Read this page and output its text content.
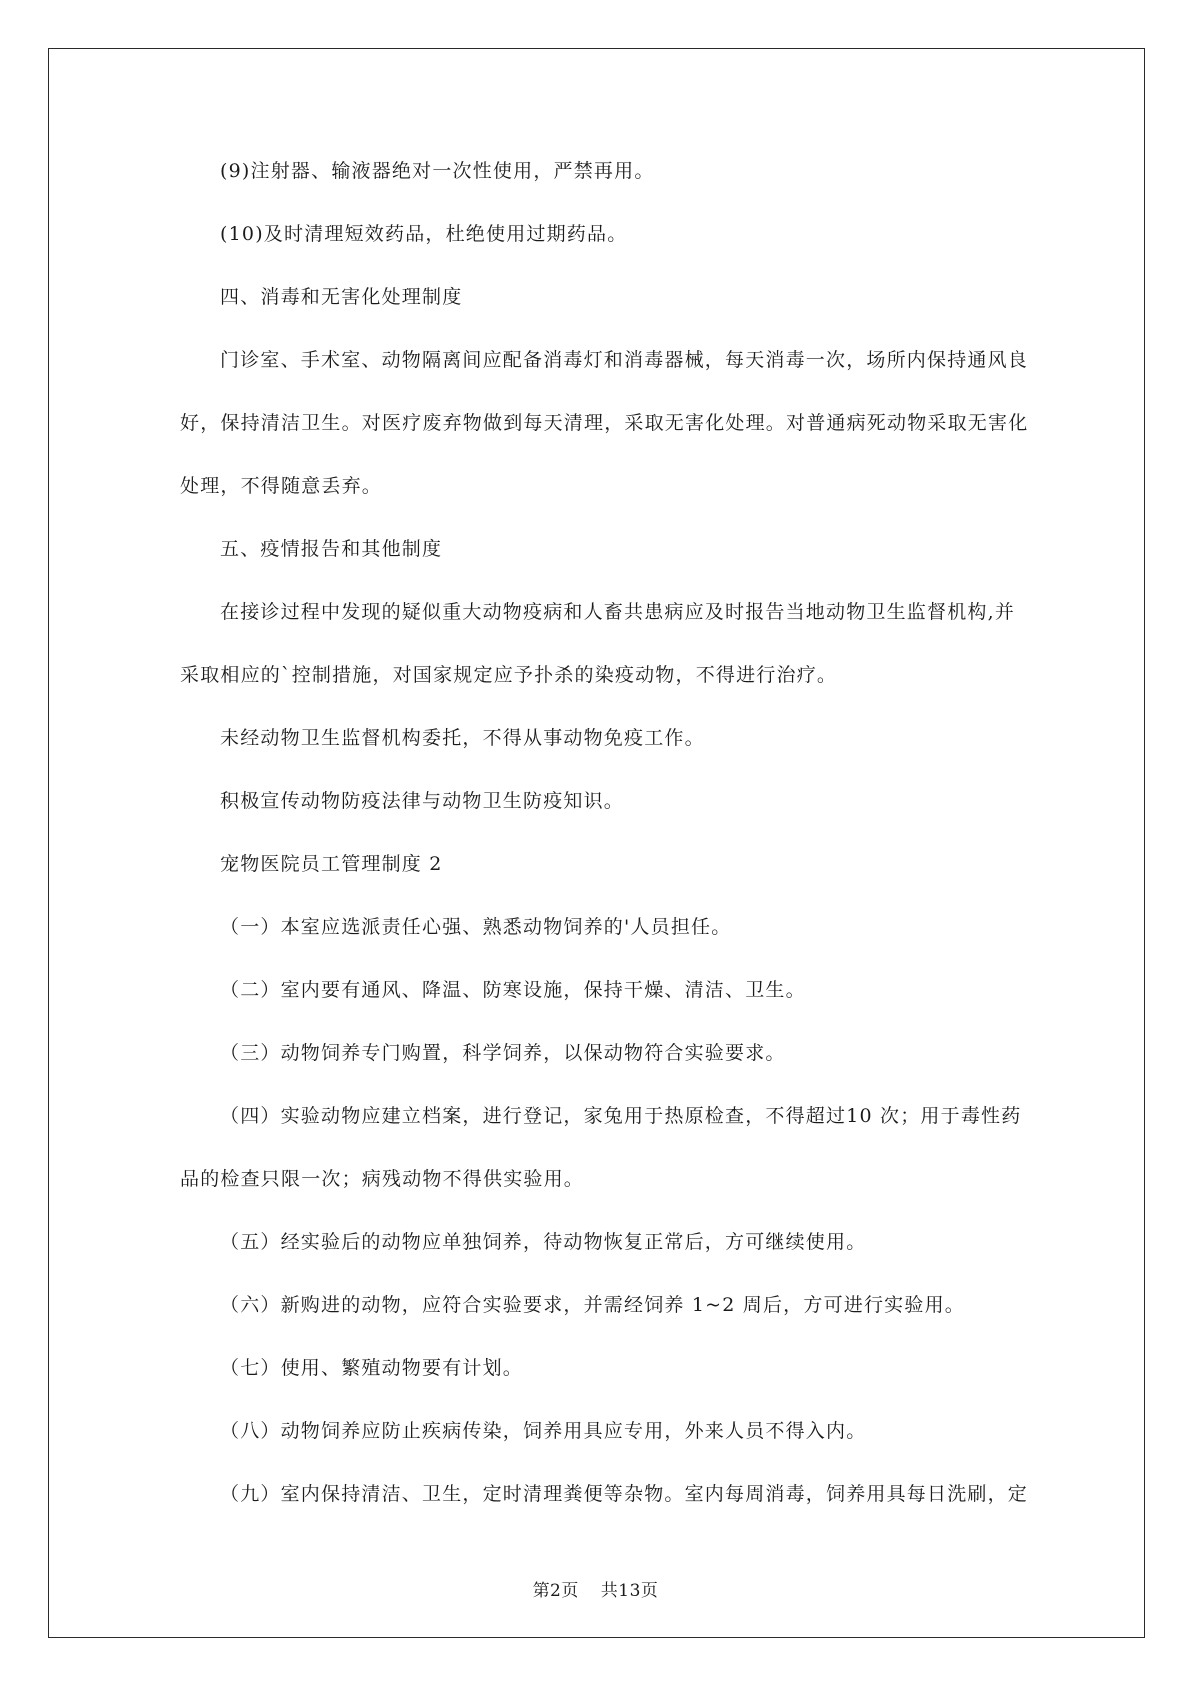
(9)注射器、输液器绝对一次性使用，严禁再用。
(10)及时清理短效药品，杜绝使用过期药品。
四、消毒和无害化处理制度
门诊室、手术室、动物隔离间应配备消毒灯和消毒器械，每天消毒一次，场所内保持通风良
好，保持清洁卫生。对医疗废弃物做到每天清理，采取无害化处理。对普通病死动物采取无害化
处理，不得随意丢弃。
五、疫情报告和其他制度
在接诊过程中发现的疑似重大动物疫病和人畜共患病应及时报告当地动物卫生监督机构,并
采取相应的`控制措施，对国家规定应予扑杀的染疫动物，不得进行治疗。
未经动物卫生监督机构委托，不得从事动物免疫工作。
积极宣传动物防疫法律与动物卫生防疫知识。
宠物医院员工管理制度 2
（一）本室应选派责任心强、熟悉动物饲养的'人员担任。
（二）室内要有通风、降温、防寒设施，保持干燥、清洁、卫生。
（三）动物饲养专门购置，科学饲养，以保动物符合实验要求。
（四）实验动物应建立档案，进行登记，家兔用于热原检查，不得超过10 次；用于毒性药
品的检查只限一次；病残动物不得供实验用。
（五）经实验后的动物应单独饲养，待动物恢复正常后，方可继续使用。
（六）新购进的动物，应符合实验要求，并需经饲养 1~2 周后，方可进行实验用。
（七）使用、繁殖动物要有计划。
（八）动物饲养应防止疾病传染，饲养用具应专用，外来人员不得入内。
（九）室内保持清洁、卫生，定时清理粪便等杂物。室内每周消毒，饲养用具每日洗刷，定
第2页 共13页
